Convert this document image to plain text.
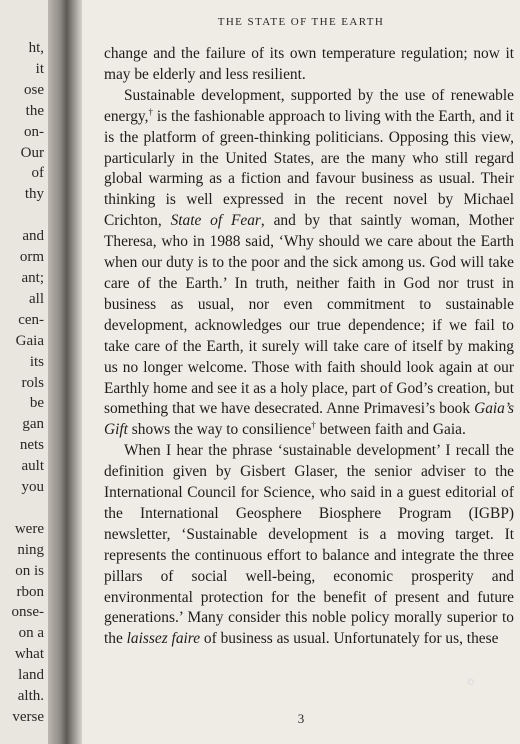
ht,
it
ose
the
on-
Our
of
thy

and
orm
ant;
all
cen-
Gaia
its
rols
be
gan
nets
ault
you

were
ning
on is
rbon
onse-
on a
what
land
alth.
verse
THE STATE OF THE EARTH

change and the failure of its own temperature regulation; now it may be elderly and less resilient.

Sustainable development, supported by the use of renewable energy,† is the fashionable approach to living with the Earth, and it is the platform of green-thinking politicians. Opposing this view, particularly in the United States, are the many who still regard global warming as a fiction and favour business as usual. Their thinking is well expressed in the recent novel by Michael Crichton, State of Fear, and by that saintly woman, Mother Theresa, who in 1988 said, ‘Why should we care about the Earth when our duty is to the poor and the sick among us. God will take care of the Earth.’ In truth, neither faith in God nor trust in business as usual, nor even commitment to sustainable development, acknowledges our true dependence; if we fail to take care of the Earth, it surely will take care of itself by making us no longer welcome. Those with faith should look again at our Earthly home and see it as a holy place, part of God’s creation, but something that we have desecrated. Anne Primavesi’s book Gaia’s Gift shows the way to consilience† between faith and Gaia.

When I hear the phrase ‘sustainable development’ I recall the definition given by Gisbert Glaser, the senior adviser to the International Council for Science, who said in a guest editorial of the International Geosphere Biosphere Program (IGBP) newsletter, ‘Sustainable development is a moving target. It represents the continuous effort to balance and integrate the three pillars of social well-being, economic prosperity and environmental protection for the benefit of present and future generations.’ Many consider this noble policy morally superior to the laissez faire of business as usual. Unfortunately for us, these

3
✦
